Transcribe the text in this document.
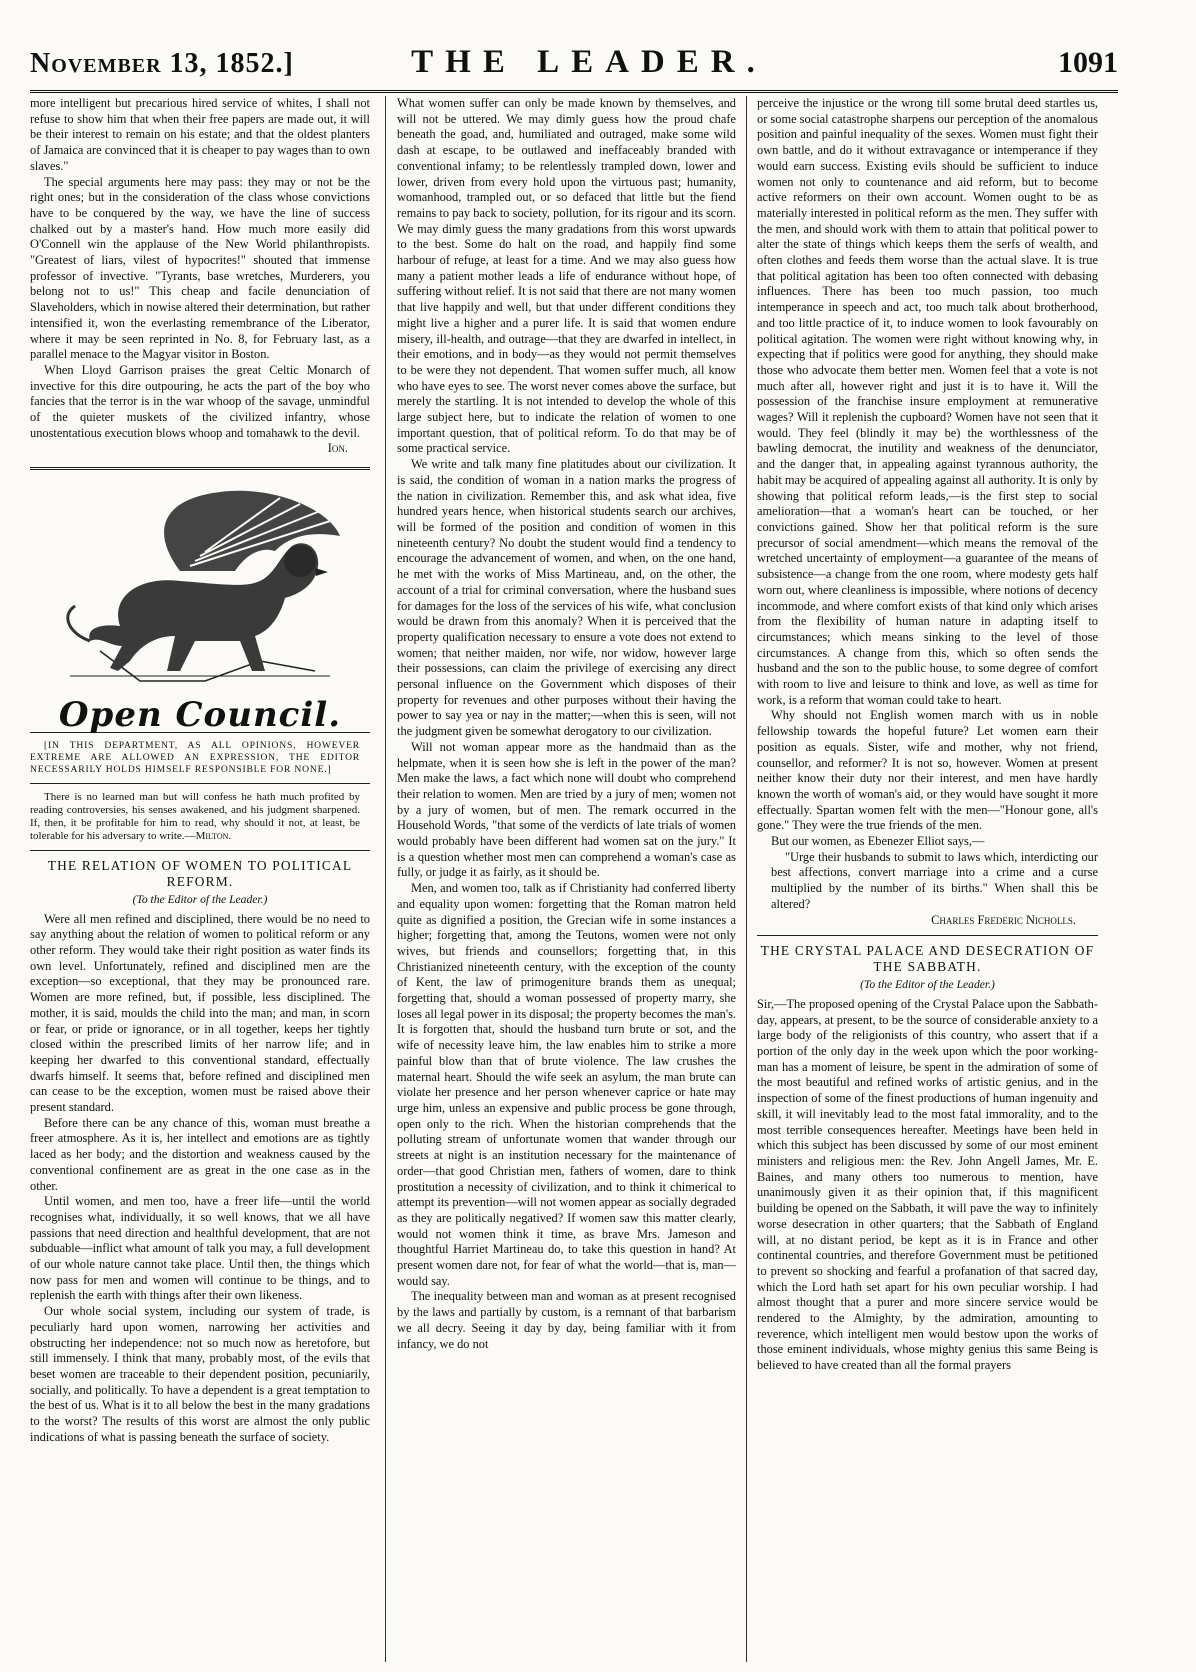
November 13, 1852.]	THE LEADER.	1091

more intelligent but precarious hired service of whites, I shall not refuse to show him that when their free papers are made out, it will be their interest to remain on his estate; and that the oldest planters of Jamaica are convinced that it is cheaper to pay wages than to own slaves."

The special arguments here may pass: they may or not be the right ones; but in the consideration of the class whose convictions have to be conquered by the way, we have the line of success chalked out by a master's hand. How much more easily did O'Connell win the applause of the New World philanthropists. "Greatest of liars, vilest of hypocrites!" shouted that immense professor of invective. "Tyrants, base wretches, Murderers, you belong not to us!" This cheap and facile denunciation of Slaveholders, which in nowise altered their determination, but rather intensified it, won the everlasting remembrance of the Liberator, where it may be seen reprinted in No. 8, for February last, as a parallel menace to the Magyar visitor in Boston.

When Lloyd Garrison praises the great Celtic Monarch of invective for this dire outpouring, he acts the part of the boy who fancies that the terror is in the war whoop of the savage, unmindful of the quieter muskets of the civilized infantry, whose unostentatious execution blows whoop and tomahawk to the devil.

Ion.

Open Council.

[IN THIS DEPARTMENT, AS ALL OPINIONS, HOWEVER EXTREME ARE ALLOWED AN EXPRESSION, THE EDITOR NECESSARILY HOLDS HIMSELF RESPONSIBLE FOR NONE.]

There is no learned man but will confess he hath much profited by reading controversies, his senses awakened, and his judgment sharpened. If, then, it be profitable for him to read, why should it not, at least, be tolerable for his adversary to write.—Milton.

THE RELATION OF WOMEN TO POLITICAL REFORM.
(To the Editor of the Leader.)

Were all men refined and disciplined, there would be no need to say anything about the relation of women to political reform or any other reform. They would take their right position as water finds its own level. Unfortunately, refined and disciplined men are the exception—so exceptional, that they may be pronounced rare. Women are more refined, but, if possible, less disciplined. The mother, it is said, moulds the child into the man; and man, in scorn or fear, or pride or ignorance, or in all together, keeps her tightly closed within the prescribed limits of her narrow life; and in keeping her dwarfed to this conventional standard, effectually dwarfs himself. It seems that, before refined and disciplined men can cease to be the exception, women must be raised above their present standard.

Before there can be any chance of this, woman must breathe a freer atmosphere. As it is, her intellect and emotions are as tightly laced as her body; and the distortion and weakness caused by the conventional confinement are as great in the one case as in the other.

Until women, and men too, have a freer life—until the world recognises what, individually, it so well knows, that we all have passions that need direction and healthful development, that are not subduable—inflict what amount of talk you may, a full development of our whole nature cannot take place. Until then, the things which now pass for men and women will continue to be things, and to replenish the earth with things after their own likeness.

Our whole social system, including our system of trade, is peculiarly hard upon women, narrowing her activities and obstructing her independence: not so much now as heretofore, but still immensely. I think that many, probably most, of the evils that beset women are traceable to their dependent position, pecuniarily, socially, and politically. To have a dependent is a great temptation to the best of us. What is it to all below the best in the many gradations to the worst? The results of this worst are almost the only public indications of what is passing beneath the surface of society.

What women suffer can only be made known by themselves, and will not be uttered. We may dimly guess how the proud chafe beneath the goad, and, humiliated and outraged, make some wild dash at escape, to be outlawed and ineffaceably branded with conventional infamy; to be relentlessly trampled down, lower and lower, driven from every hold upon the virtuous past; humanity, womanhood, trampled out, or so defaced that little but the fiend remains to pay back to society, pollution, for its rigour and its scorn. We may dimly guess the many gradations from this worst upwards to the best. Some do halt on the road, and happily find some harbour of refuge, at least for a time. And we may also guess how many a patient mother leads a life of endurance without hope, of suffering without relief. It is not said that there are not many women that live happily and well, but that under different conditions they might live a higher and a purer life. It is said that women endure misery, ill-health, and outrage—that they are dwarfed in intellect, in their emotions, and in body—as they would not permit themselves to be were they not dependent. That women suffer much, all know who have eyes to see. The worst never comes above the surface, but merely the startling. It is not intended to develop the whole of this large subject here, but to indicate the relation of women to one important question, that of political reform. To do that may be of some practical service.

We write and talk many fine platitudes about our civilization. It is said, the condition of woman in a nation marks the progress of the nation in civilization. Remember this, and ask what idea, five hundred years hence, when historical students search our archives, will be formed of the position and condition of women in this nineteenth century? No doubt the student would find a tendency to encourage the advancement of women, and when, on the one hand, he met with the works of Miss Martineau, and, on the other, the account of a trial for criminal conversation, where the husband sues for damages for the loss of the services of his wife, what conclusion would be drawn from this anomaly? When it is perceived that the property qualification necessary to ensure a vote does not extend to women; that neither maiden, nor wife, nor widow, however large their possessions, can claim the privilege of exercising any direct personal influence on the Government which disposes of their property for revenues and other purposes without their having the power to say yea or nay in the matter;—when this is seen, will not the judgment given be somewhat derogatory to our civilization.

Will not woman appear more as the handmaid than as the helpmate, when it is seen how she is left in the power of the man? Men make the laws, a fact which none will doubt who comprehend their relation to women. Men are tried by a jury of men; women not by a jury of women, but of men. The remark occurred in the Household Words, "that some of the verdicts of late trials of women would probably have been different had women sat on the jury." It is a question whether most men can comprehend a woman's case as fully, or judge it as fairly, as it should be.

Men, and women too, talk as if Christianity had conferred liberty and equality upon women: forgetting that the Roman matron held quite as dignified a position, the Grecian wife in some instances a higher; forgetting that, among the Teutons, women were not only wives, but friends and counsellors; forgetting that, in this Christianized nineteenth century, with the exception of the county of Kent, the law of primogeniture brands them as unequal; forgetting that, should a woman possessed of property marry, she loses all legal power in its disposal; the property becomes the man's. It is forgotten that, should the husband turn brute or sot, and the wife of necessity leave him, the law enables him to strike a more painful blow than that of brute violence. The law crushes the maternal heart. Should the wife seek an asylum, the man brute can violate her presence and her person whenever caprice or hate may urge him, unless an expensive and public process be gone through, open only to the rich. When the historian comprehends that the polluting stream of unfortunate women that wander through our streets at night is an institution necessary for the maintenance of order—that good Christian men, fathers of women, dare to think prostitution a necessity of civilization, and to think it chimerical to attempt its prevention—will not women appear as socially degraded as they are politically negatived? If women saw this matter clearly, would not women think it time, as brave Mrs. Jameson and thoughtful Harriet Martineau do, to take this question in hand? At present women dare not, for fear of what the world—that is, man—would say.

The inequality between man and woman as at present recognised by the laws and partially by custom, is a remnant of that barbarism we all decry. Seeing it day by day, being familiar with it from infancy, we do not

perceive the injustice or the wrong till some brutal deed startles us, or some social catastrophe sharpens our perception of the anomalous position and painful inequality of the sexes. Women must fight their own battle, and do it without extravagance or intemperance if they would earn success. Existing evils should be sufficient to induce women not only to countenance and aid reform, but to become active reformers on their own account. Women ought to be as materially interested in political reform as the men. They suffer with the men, and should work with them to attain that political power to alter the state of things which keeps them the serfs of wealth, and often clothes and feeds them worse than the actual slave. It is true that political agitation has been too often connected with debasing influences. There has been too much passion, too much intemperance in speech and act, too much talk about brotherhood, and too little practice of it, to induce women to look favourably on political agitation. The women were right without knowing why, in expecting that if politics were good for anything, they should make those who advocate them better men. Women feel that a vote is not much after all, however right and just it is to have it. Will the possession of the franchise insure employment at remunerative wages? Will it replenish the cupboard? Women have not seen that it would. They feel (blindly it may be) the worthlessness of the bawling democrat, the inutility and weakness of the denunciator, and the danger that, in appealing against tyrannous authority, the habit may be acquired of appealing against all authority. It is only by showing that political reform leads,—is the first step to social amelioration—that a woman's heart can be touched, or her convictions gained. Show her that political reform is the sure precursor of social amendment—which means the removal of the wretched uncertainty of employment—a guarantee of the means of subsistence—a change from the one room, where modesty gets half worn out, where cleanliness is impossible, where notions of decency incommode, and where comfort exists of that kind only which arises from the flexibility of human nature in adapting itself to circumstances; which means sinking to the level of those circumstances. A change from this, which so often sends the husband and the son to the public house, to some degree of comfort with room to live and leisure to think and love, as well as time for work, is a reform that woman could take to heart.

Why should not English women march with us in noble fellowship towards the hopeful future? Let women earn their position as equals. Sister, wife and mother, why not friend, counsellor, and reformer? It is not so, however. Women at present neither know their duty nor their interest, and men have hardly known the worth of woman's aid, or they would have sought it more effectually. Spartan women felt with the men—"Honour gone, all's gone." They were the true friends of the men.

But our women, as Ebenezer Elliot says,—

"Urge their husbands to submit to laws which, interdicting our best affections, convert marriage into a crime and a curse multiplied by the number of its births." When shall this be altered?

Charles Frederic Nicholls.

THE CRYSTAL PALACE AND DESECRATION OF THE SABBATH.
(To the Editor of the Leader.)

Sir,—The proposed opening of the Crystal Palace upon the Sabbath-day, appears, at present, to be the source of considerable anxiety to a large body of the religionists of this country, who assert that if a portion of the only day in the week upon which the poor working-man has a moment of leisure, be spent in the admiration of some of the most beautiful and refined works of artistic genius, and in the inspection of some of the finest productions of human ingenuity and skill, it will inevitably lead to the most fatal immorality, and to the most terrible consequences hereafter. Meetings have been held in which this subject has been discussed by some of our most eminent ministers and religious men: the Rev. John Angell James, Mr. E. Baines, and many others too numerous to mention, have unanimously given it as their opinion that, if this magnificent building be opened on the Sabbath, it will pave the way to infinitely worse desecration in other quarters; that the Sabbath of England will, at no distant period, be kept as it is in France and other continental countries, and therefore Government must be petitioned to prevent so shocking and fearful a profanation of that sacred day, which the Lord hath set apart for his own peculiar worship. I had almost thought that a purer and more sincere service would be rendered to the Almighty, by the admiration, amounting to reverence, which intelligent men would bestow upon the works of those eminent individuals, whose mighty genius this same Being is believed to have created than all the formal prayers
